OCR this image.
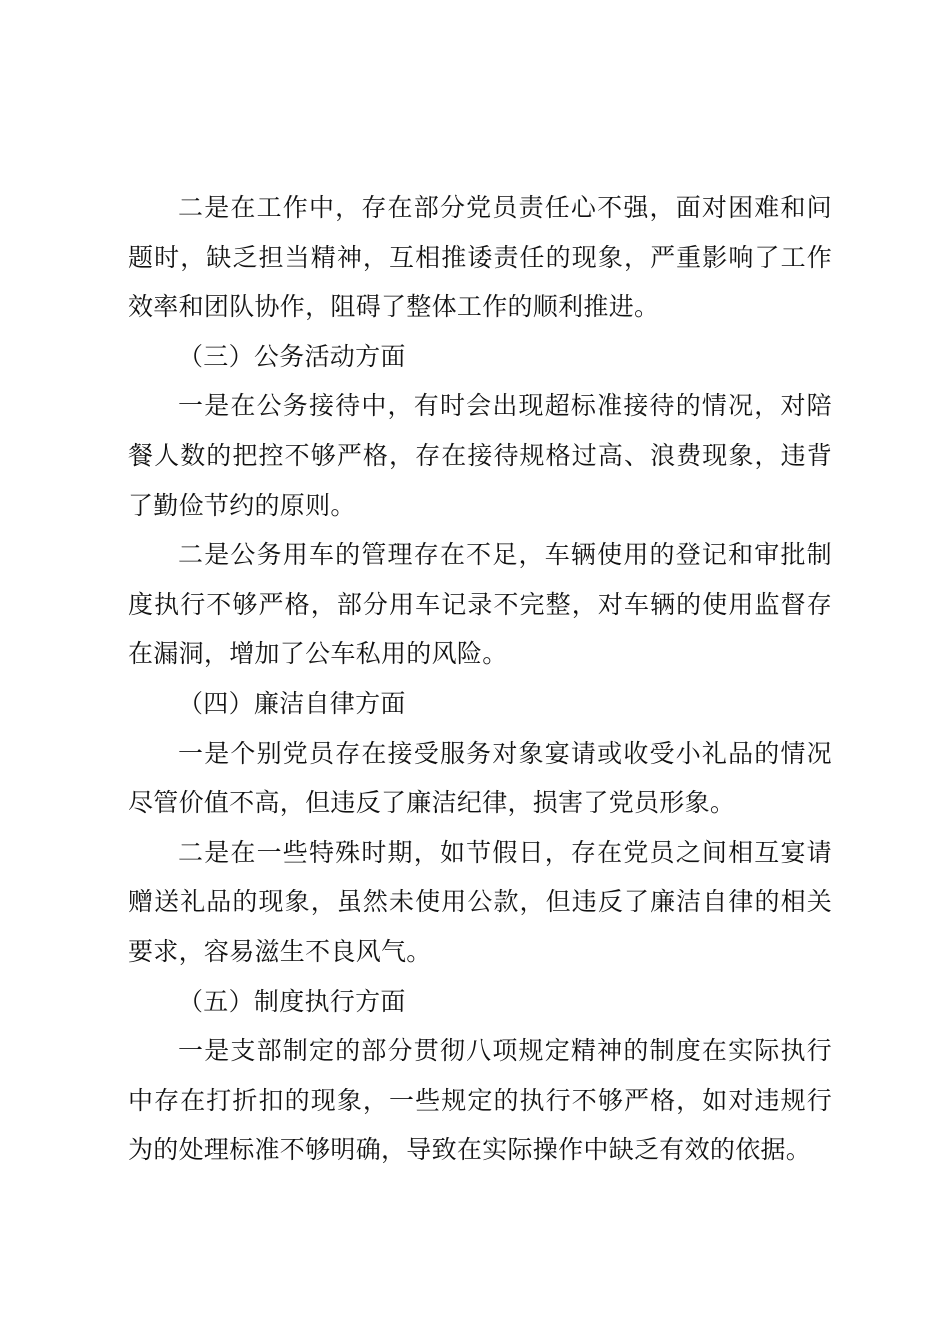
二是在工作中，存在部分党员责任心不强，面对困难和问题时，缺乏担当精神，互相推诿责任的现象，严重影响了工作效率和团队协作，阻碍了整体工作的顺利推进。

（三）公务活动方面

一是在公务接待中，有时会出现超标准接待的情况，对陪餐人数的把控不够严格，存在接待规格过高、浪费现象，违背了勤俭节约的原则。

二是公务用车的管理存在不足，车辆使用的登记和审批制度执行不够严格，部分用车记录不完整，对车辆的使用监督存在漏洞，增加了公车私用的风险。

（四）廉洁自律方面

一是个别党员存在接受服务对象宴请或收受小礼品的情况尽管价值不高，但违反了廉洁纪律，损害了党员形象。

二是在一些特殊时期，如节假日，存在党员之间相互宴请赠送礼品的现象，虽然未使用公款，但违反了廉洁自律的相关要求，容易滋生不良风气。

（五）制度执行方面

一是支部制定的部分贯彻八项规定精神的制度在实际执行中存在打折扣的现象，一些规定的执行不够严格，如对违规行为的处理标准不够明确，导致在实际操作中缺乏有效的依据。
